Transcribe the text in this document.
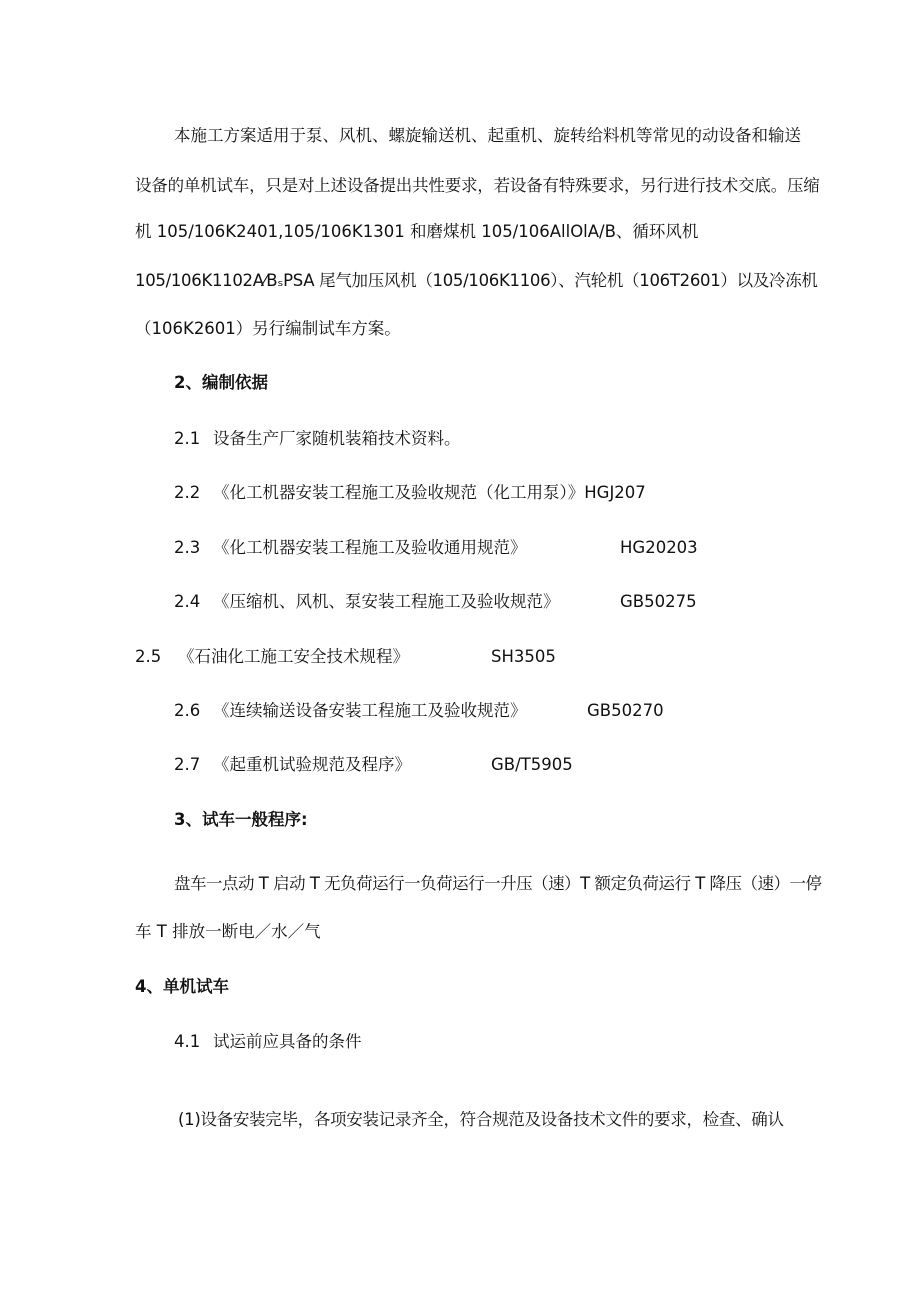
本施工方案适用于泵、风机、螺旋输送机、起重机、旋转给料机等常见的动设备和输送
设备的单机试车，只是对上述设备提出共性要求，若设备有特殊要求，另行进行技术交底。压缩
机 105/106K2401,105/106K1301 和磨煤机 105/106AllOlA/B、循环风机
105/106K1102A⁄BₛPSA 尾气加压风机（105/106K1106）、汽轮机（106T2601）以及冷冻机
（106K2601）另行编制试车方案。
2、编制依据
2.1 设备生产厂家随机装箱技术资料。
2.2 《化工机器安装工程施工及验收规范（化工用泵）》HGJ207
2.3 《化工机器安装工程施工及验收通用规范》	HG20203
2.4 《压缩机、风机、泵安装工程施工及验收规范》	GB50275
2.5 《石油化工施工安全技术规程》	SH3505
2.6 《连续输送设备安装工程施工及验收规范》	GB50270
2.7 《起重机试验规范及程序》	GB/T5905
3、试车一般程序:
盘车一点动 T 启动 T 无负荷运行一负荷运行一升压（速）T 额定负荷运行 T 降压（速）一停
车 T 排放一断电／水／气
4、单机试车
4.1 试运前应具备的条件
(1)设备安装完毕，各项安装记录齐全，符合规范及设备技术文件的要求，检查、确认
